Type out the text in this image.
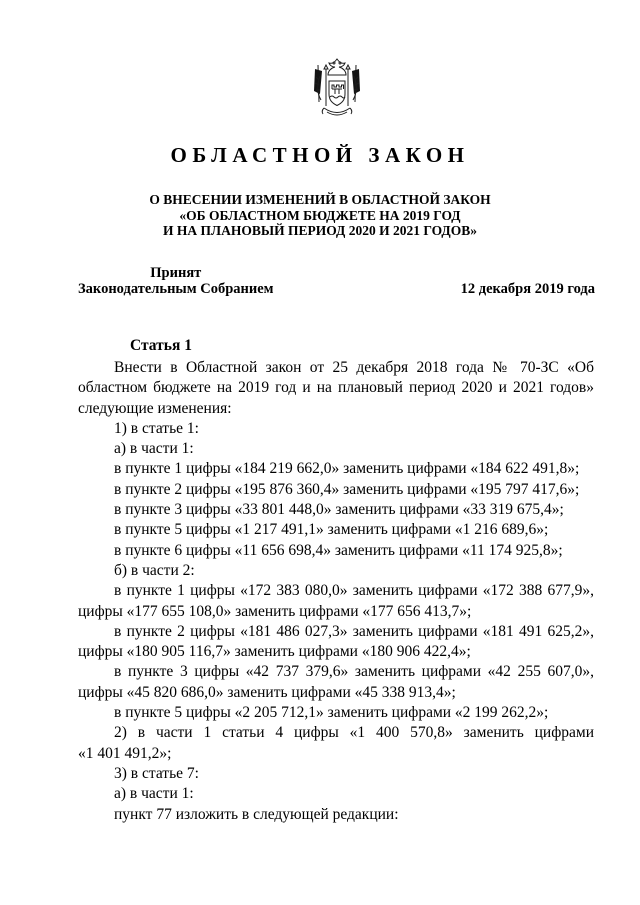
ОБЛАСТНОЙ ЗАКОН
О ВНЕСЕНИИ ИЗМЕНЕНИЙ В ОБЛАСТНОЙ ЗАКОН
«ОБ ОБЛАСТНОМ БЮДЖЕТЕ НА 2019 ГОД
И НА ПЛАНОВЫЙ ПЕРИОД 2020 И 2021 ГОДОВ»
Принят
Законодательным Собранием	12 декабря 2019 года
Статья 1

Внести в Областной закон от 25 декабря 2018 года № 70-ЗС «Об областном бюджете на 2019 год и на плановый период 2020 и 2021 годов» следующие изменения:

1) в статье 1:

а) в части 1:

в пункте 1 цифры «184 219 662,0» заменить цифрами «184 622 491,8»;

в пункте 2 цифры «195 876 360,4» заменить цифрами «195 797 417,6»;

в пункте 3 цифры «33 801 448,0» заменить цифрами «33 319 675,4»;

в пункте 5 цифры «1 217 491,1» заменить цифрами «1 216 689,6»;

в пункте 6 цифры «11 656 698,4» заменить цифрами «11 174 925,8»;

б) в части 2:

в пункте 1 цифры «172 383 080,0» заменить цифрами «172 388 677,9», цифры «177 655 108,0» заменить цифрами «177 656 413,7»;

в пункте 2 цифры «181 486 027,3» заменить цифрами «181 491 625,2», цифры «180 905 116,7» заменить цифрами «180 906 422,4»;

в пункте 3 цифры «42 737 379,6» заменить цифрами «42 255 607,0», цифры «45 820 686,0» заменить цифрами «45 338 913,4»;

в пункте 5 цифры «2 205 712,1» заменить цифрами «2 199 262,2»;

2) в части 1 статьи 4 цифры «1 400 570,8» заменить цифрами «1 401 491,2»;

3) в статье 7:

а) в части 1:

пункт 77 изложить в следующей редакции:
